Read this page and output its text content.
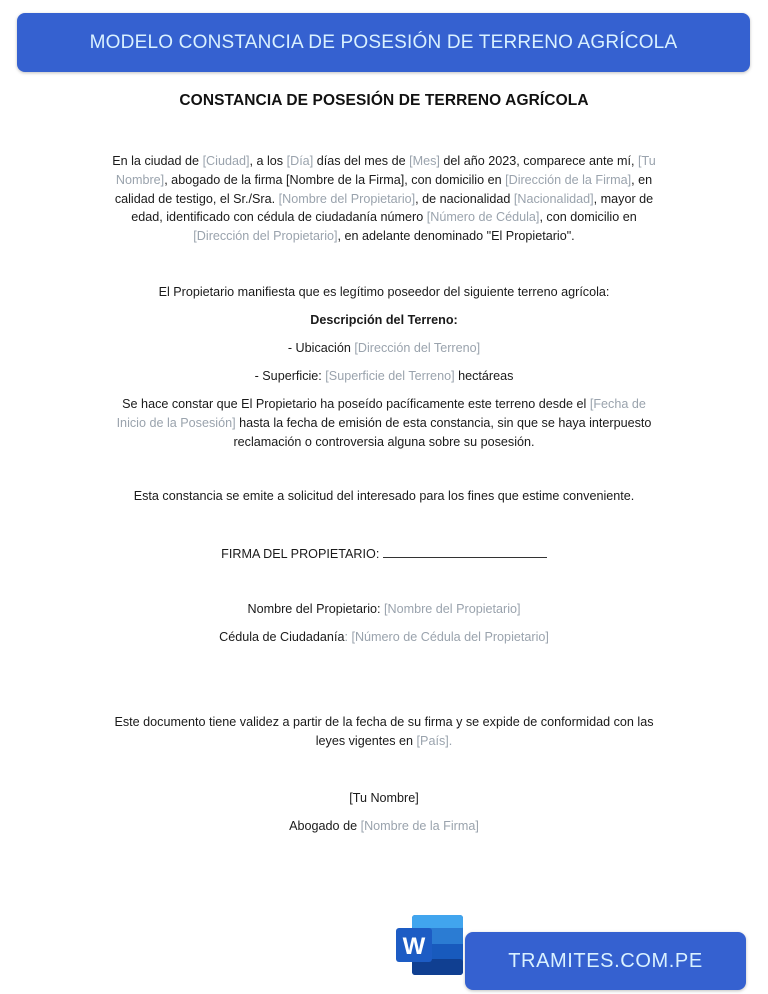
MODELO CONSTANCIA DE POSESIÓN DE TERRENO AGRÍCOLA
CONSTANCIA DE POSESIÓN DE TERRENO AGRÍCOLA
En la ciudad de [Ciudad], a los [Día] días del mes de [Mes] del año 2023, comparece ante mí, [Tu Nombre], abogado de la firma [Nombre de la Firma], con domicilio en [Dirección de la Firma], en calidad de testigo, el Sr./Sra. [Nombre del Propietario], de nacionalidad [Nacionalidad], mayor de edad, identificado con cédula de ciudadanía número [Número de Cédula], con domicilio en [Dirección del Propietario], en adelante denominado "El Propietario".
El Propietario manifiesta que es legítimo poseedor del siguiente terreno agrícola:
Descripción del Terreno:
- Ubicación [Dirección del Terreno]
- Superficie: [Superficie del Terreno] hectáreas
Se hace constar que El Propietario ha poseído pacíficamente este terreno desde el [Fecha de Inicio de la Posesión] hasta la fecha de emisión de esta constancia, sin que se haya interpuesto reclamación o controversia alguna sobre su posesión.
Esta constancia se emite a solicitud del interesado para los fines que estime conveniente.
FIRMA DEL PROPIETARIO:
Nombre del Propietario: [Nombre del Propietario]
Cédula de Ciudadanía: [Número de Cédula del Propietario]
Este documento tiene validez a partir de la fecha de su firma y se expide de conformidad con las leyes vigentes en [País].
[Tu Nombre]
Abogado de [Nombre de la Firma]
W
TRAMITES.COM.PE
